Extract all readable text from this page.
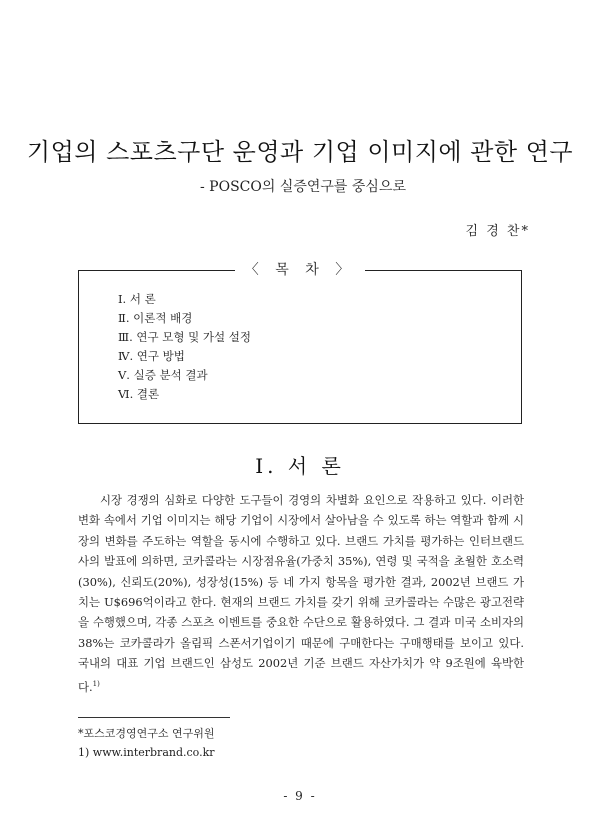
기업의 스포츠구단 운영과 기업 이미지에 관한 연구
- POSCO의 실증연구를 중심으로
김 경 찬*
〈 목 차 〉
Ⅰ. 서 론
Ⅱ. 이론적 배경
Ⅲ. 연구 모형 및 가설 설정
Ⅳ. 연구 방법
Ⅴ. 실증 분석 결과
Ⅵ. 결론
Ⅰ. 서 론

시장 경쟁의 심화로 다양한 도구들이 경영의 차별화 요인으로 작용하고 있다. 이러한 변화 속에서 기업 이미지는 해당 기업이 시장에서 살아남을 수 있도록 하는 역할과 함께 시장의 변화를 주도하는 역할을 동시에 수행하고 있다. 브랜드 가치를 평가하는 인터브랜드사의 발표에 의하면, 코카콜라는 시장점유율(가중치 35%), 연령 및 국적을 초월한 호소력(30%), 신뢰도(20%), 성장성(15%) 등 네 가지 항목을 평가한 결과, 2002년 브랜드 가치는 U$696억이라고 한다. 현재의 브랜드 가치를 갖기 위해 코카콜라는 수많은 광고전략을 수행했으며, 각종 스포츠 이벤트를 중요한 수단으로 활용하였다. 그 결과 미국 소비자의 38%는 코카콜라가 올림픽 스폰서기업이기 때문에 구매한다는 구매행태를 보이고 있다. 국내의 대표 기업 브랜드인 삼성도 2002년 기준 브랜드 자산가치가 약 9조원에 육박한다.$^{1)}$

*포스코경영연구소 연구위원
1) www.interbrand.co.kr
- 9 -
